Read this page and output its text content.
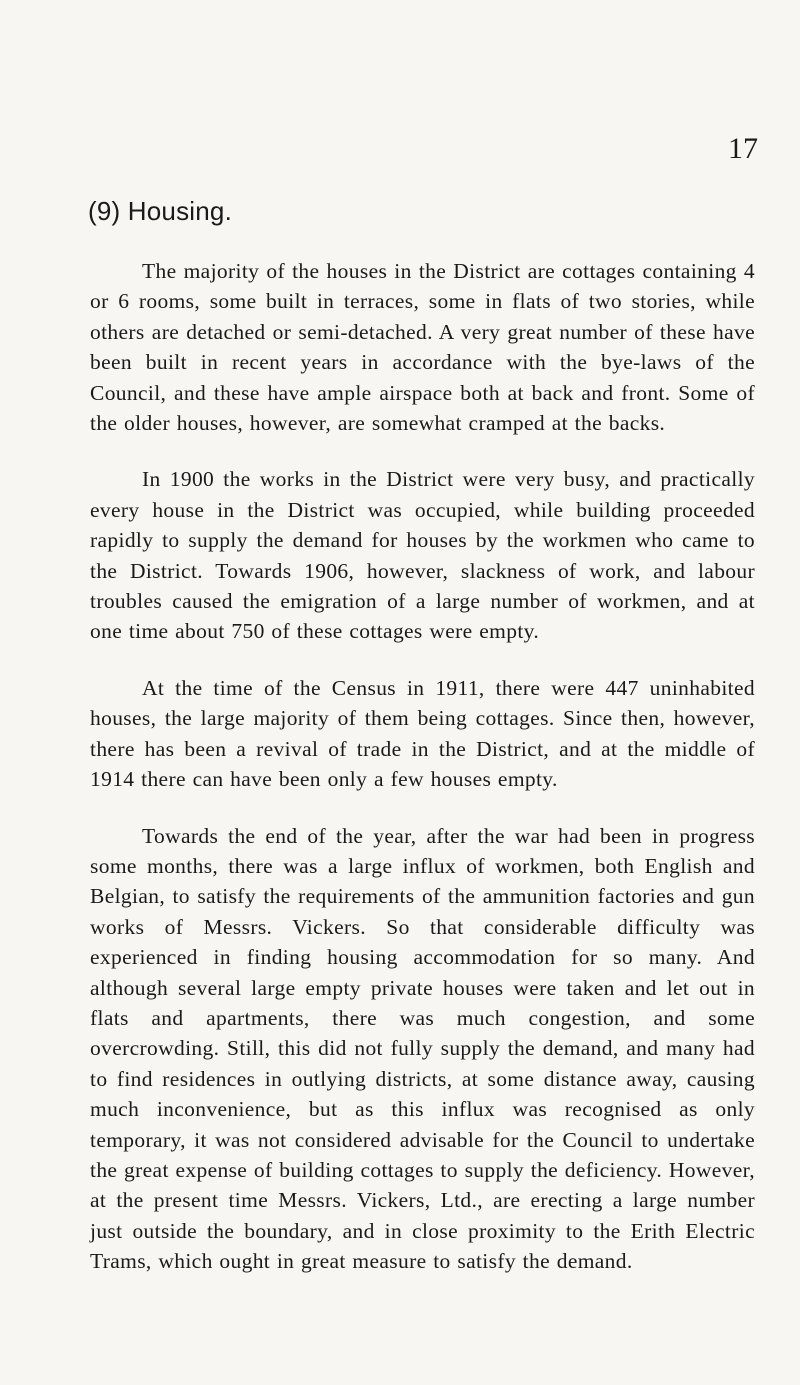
17
(9) Housing.

The majority of the houses in the District are cottages containing 4 or 6 rooms, some built in terraces, some in flats of two stories, while others are detached or semi-detached. A very great number of these have been built in recent years in accordance with the bye-laws of the Council, and these have ample airspace both at back and front. Some of the older houses, however, are somewhat cramped at the backs.

In 1900 the works in the District were very busy, and practically every house in the District was occupied, while building proceeded rapidly to supply the demand for houses by the workmen who came to the District. Towards 1906, however, slackness of work, and labour troubles caused the emigration of a large number of workmen, and at one time about 750 of these cottages were empty.

At the time of the Census in 1911, there were 447 uninhabited houses, the large majority of them being cottages. Since then, however, there has been a revival of trade in the District, and at the middle of 1914 there can have been only a few houses empty.

Towards the end of the year, after the war had been in progress some months, there was a large influx of workmen, both English and Belgian, to satisfy the requirements of the ammunition factories and gun works of Messrs. Vickers. So that considerable difficulty was experienced in finding housing accommodation for so many. And although several large empty private houses were taken and let out in flats and apartments, there was much congestion, and some overcrowding. Still, this did not fully supply the demand, and many had to find residences in outlying districts, at some distance away, causing much inconvenience, but as this influx was recognised as only temporary, it was not considered advisable for the Council to undertake the great expense of building cottages to supply the deficiency. However, at the present time Messrs. Vickers, Ltd., are erecting a large number just outside the boundary, and in close proximity to the Erith Electric Trams, which ought in great measure to satisfy the demand.
